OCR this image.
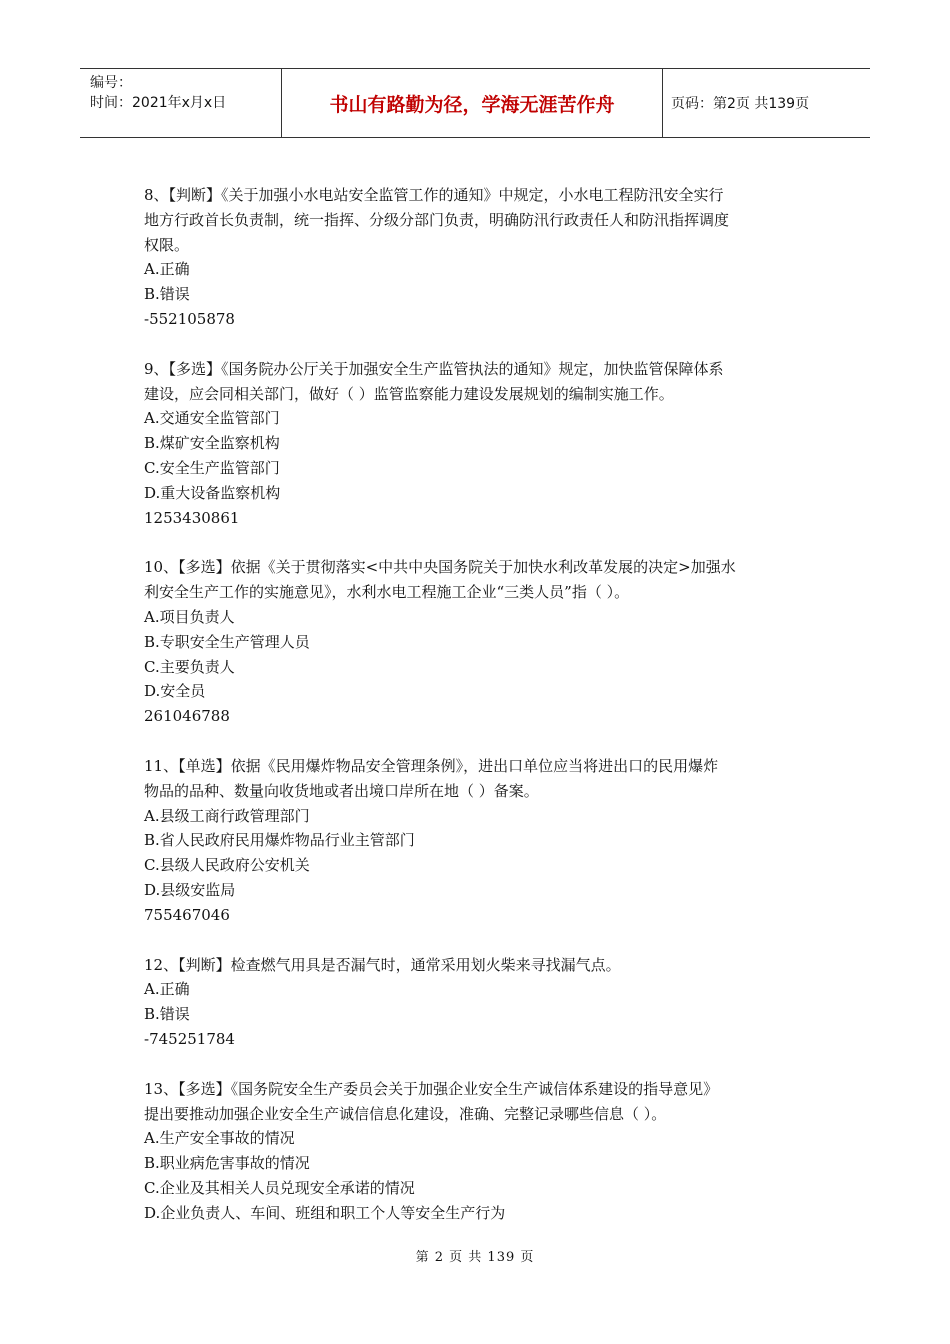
编号：
时间：2021年x月x日	书山有路勤为径，学海无涯苦作舟	页码：第2页 共139页
8、【判断】《关于加强小水电站安全监管工作的通知》中规定，小水电工程防汛安全实行
地方行政首长负责制，统一指挥、分级分部门负责，明确防汛行政责任人和防汛指挥调度
权限。
A.正确
B.错误
-552105878
9、【多选】《国务院办公厅关于加强安全生产监管执法的通知》规定，加快监管保障体系
建设，应会同相关部门，做好（ ）监管监察能力建设发展规划的编制实施工作。
A.交通安全监管部门
B.煤矿安全监察机构
C.安全生产监管部门
D.重大设备监察机构
1253430861
10、【多选】依据《关于贯彻落实<中共中央国务院关于加快水利改革发展的决定>加强水
利安全生产工作的实施意见》，水利水电工程施工企业“三类人员”指（ ）。
A.项目负责人
B.专职安全生产管理人员
C.主要负责人
D.安全员
261046788
11、【单选】依据《民用爆炸物品安全管理条例》，进出口单位应当将进出口的民用爆炸
物品的品种、数量向收货地或者出境口岸所在地（ ）备案。
A.县级工商行政管理部门
B.省人民政府民用爆炸物品行业主管部门
C.县级人民政府公安机关
D.县级安监局
755467046
12、【判断】检查燃气用具是否漏气时，通常采用划火柴来寻找漏气点。
A.正确
B.错误
-745251784
13、【多选】《国务院安全生产委员会关于加强企业安全生产诚信体系建设的指导意见》
提出要推动加强企业安全生产诚信信息化建设，准确、完整记录哪些信息（ ）。
A.生产安全事故的情况
B.职业病危害事故的情况
C.企业及其相关人员兑现安全承诺的情况
D.企业负责人、车间、班组和职工个人等安全生产行为
第 2 页 共 139 页
